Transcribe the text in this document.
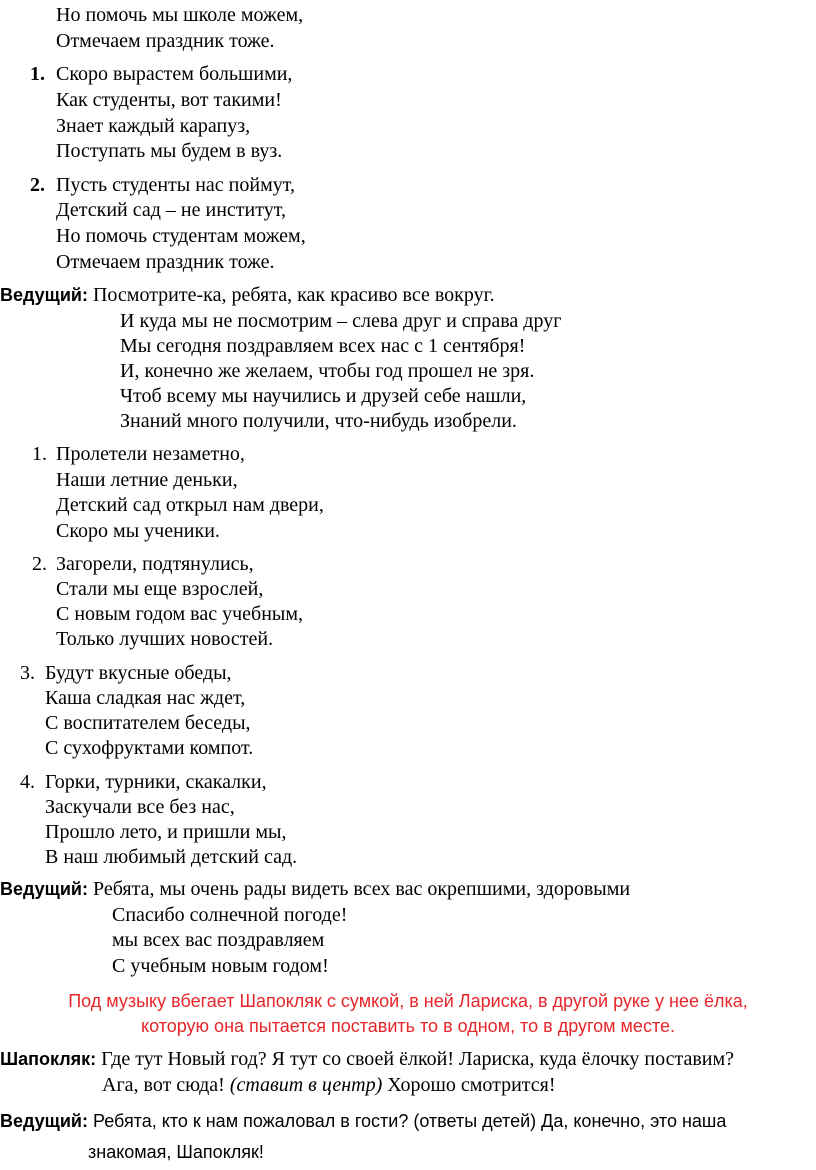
Но помочь мы школе можем,
Отмечаем праздник тоже.
1. Скоро вырастем большими,
Как студенты, вот такими!
Знает каждый карапуз,
Поступать мы будем в вуз.
2. Пусть студенты нас поймут,
Детский сад – не институт,
Но помочь студентам можем,
Отмечаем праздник тоже.
Ведущий: Посмотрите-ка, ребята, как красиво все вокруг.
И куда мы не посмотрим – слева друг и справа друг
Мы сегодня поздравляем всех нас с 1 сентября!
И, конечно же желаем, чтобы год прошел не зря.
Чтоб всему мы научились и друзей себе нашли,
Знаний много получили, что-нибудь изобрели.
1. Пролетели незаметно,
Наши летние деньки,
Детский сад открыл нам двери,
Скоро мы ученики.
2. Загорели, подтянулись,
Стали мы еще взрослей,
С новым годом вас учебным,
Только лучших новостей.
3. Будут вкусные обеды,
Каша сладкая нас ждет,
С воспитателем беседы,
С сухофруктами компот.
4. Горки, турники, скакалки,
Заскучали все без нас,
Прошло лето, и пришли мы,
В наш любимый детский сад.
Ведущий: Ребята, мы очень рады видеть всех вас окрепшими, здоровыми
Спасибо солнечной погоде!
мы всех вас поздравляем
С учебным новым годом!
Под музыку вбегает Шапокляк с сумкой, в ней Лариска, в другой руке у нее ёлка,
которую она пытается поставить то в одном, то в другом месте.
Шапокляк: Где тут Новый год? Я тут со своей ёлкой! Лариска, куда ёлочку поставим?
Ага, вот сюда! (ставит в центр) Хорошо смотрится!
Ведущий: Ребята, кто к нам пожаловал в гости? (ответы детей) Да, конечно, это наша
знакомая, Шапокляк!
